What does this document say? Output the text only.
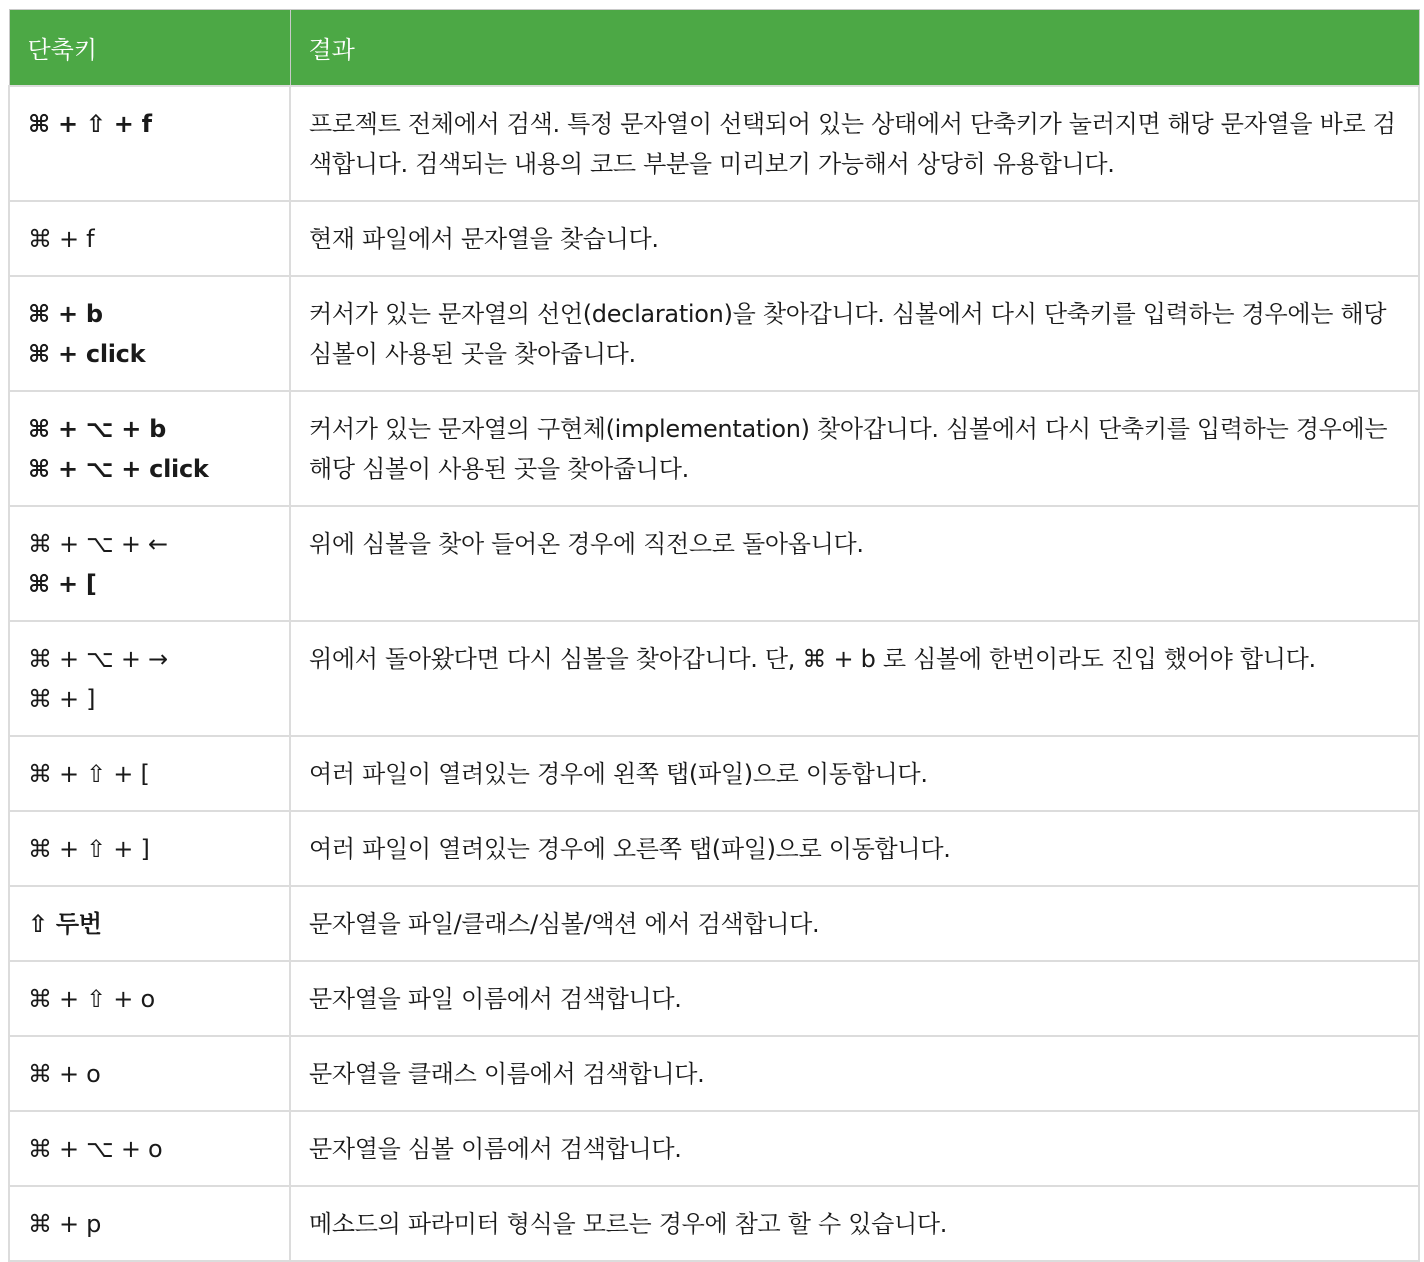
단축키	결과

⌘ + ⇧ + f	프로젝트 전체에서 검색. 특정 문자열이 선택되어 있는 상태에서 단축키가 눌러지면 해당 문자열을 바로 검색합니다. 검색되는 내용의 코드 부분을 미리보기 가능해서 상당히 유용합니다.

⌘ + f	현재 파일에서 문자열을 찾습니다.

⌘ + b
⌘ + click	커서가 있는 문자열의 선언(declaration)을 찾아갑니다. 심볼에서 다시 단축키를 입력하는 경우에는 해당 심볼이 사용된 곳을 찾아줍니다.

⌘ + ⌥ + b
⌘ + ⌥ + click	커서가 있는 문자열의 구현체(implementation) 찾아갑니다. 심볼에서 다시 단축키를 입력하는 경우에는 해당 심볼이 사용된 곳을 찾아줍니다.

⌘ + ⌥ + ←
⌘ + [	위에 심볼을 찾아 들어온 경우에 직전으로 돌아옵니다.

⌘ + ⌥ + →
⌘ + ]	위에서 돌아왔다면 다시 심볼을 찾아갑니다. 단, ⌘ + b 로 심볼에 한번이라도 진입 했어야 합니다.

⌘ + ⇧ + [	여러 파일이 열려있는 경우에 왼쪽 탭(파일)으로 이동합니다.

⌘ + ⇧ + ]	여러 파일이 열려있는 경우에 오른쪽 탭(파일)으로 이동합니다.

⇧ 두번	문자열을 파일/클래스/심볼/액션 에서 검색합니다.

⌘ + ⇧ + o	문자열을 파일 이름에서 검색합니다.

⌘ + o	문자열을 클래스 이름에서 검색합니다.

⌘ + ⌥ + o	문자열을 심볼 이름에서 검색합니다.

⌘ + p	메소드의 파라미터 형식을 모르는 경우에 참고 할 수 있습니다.
